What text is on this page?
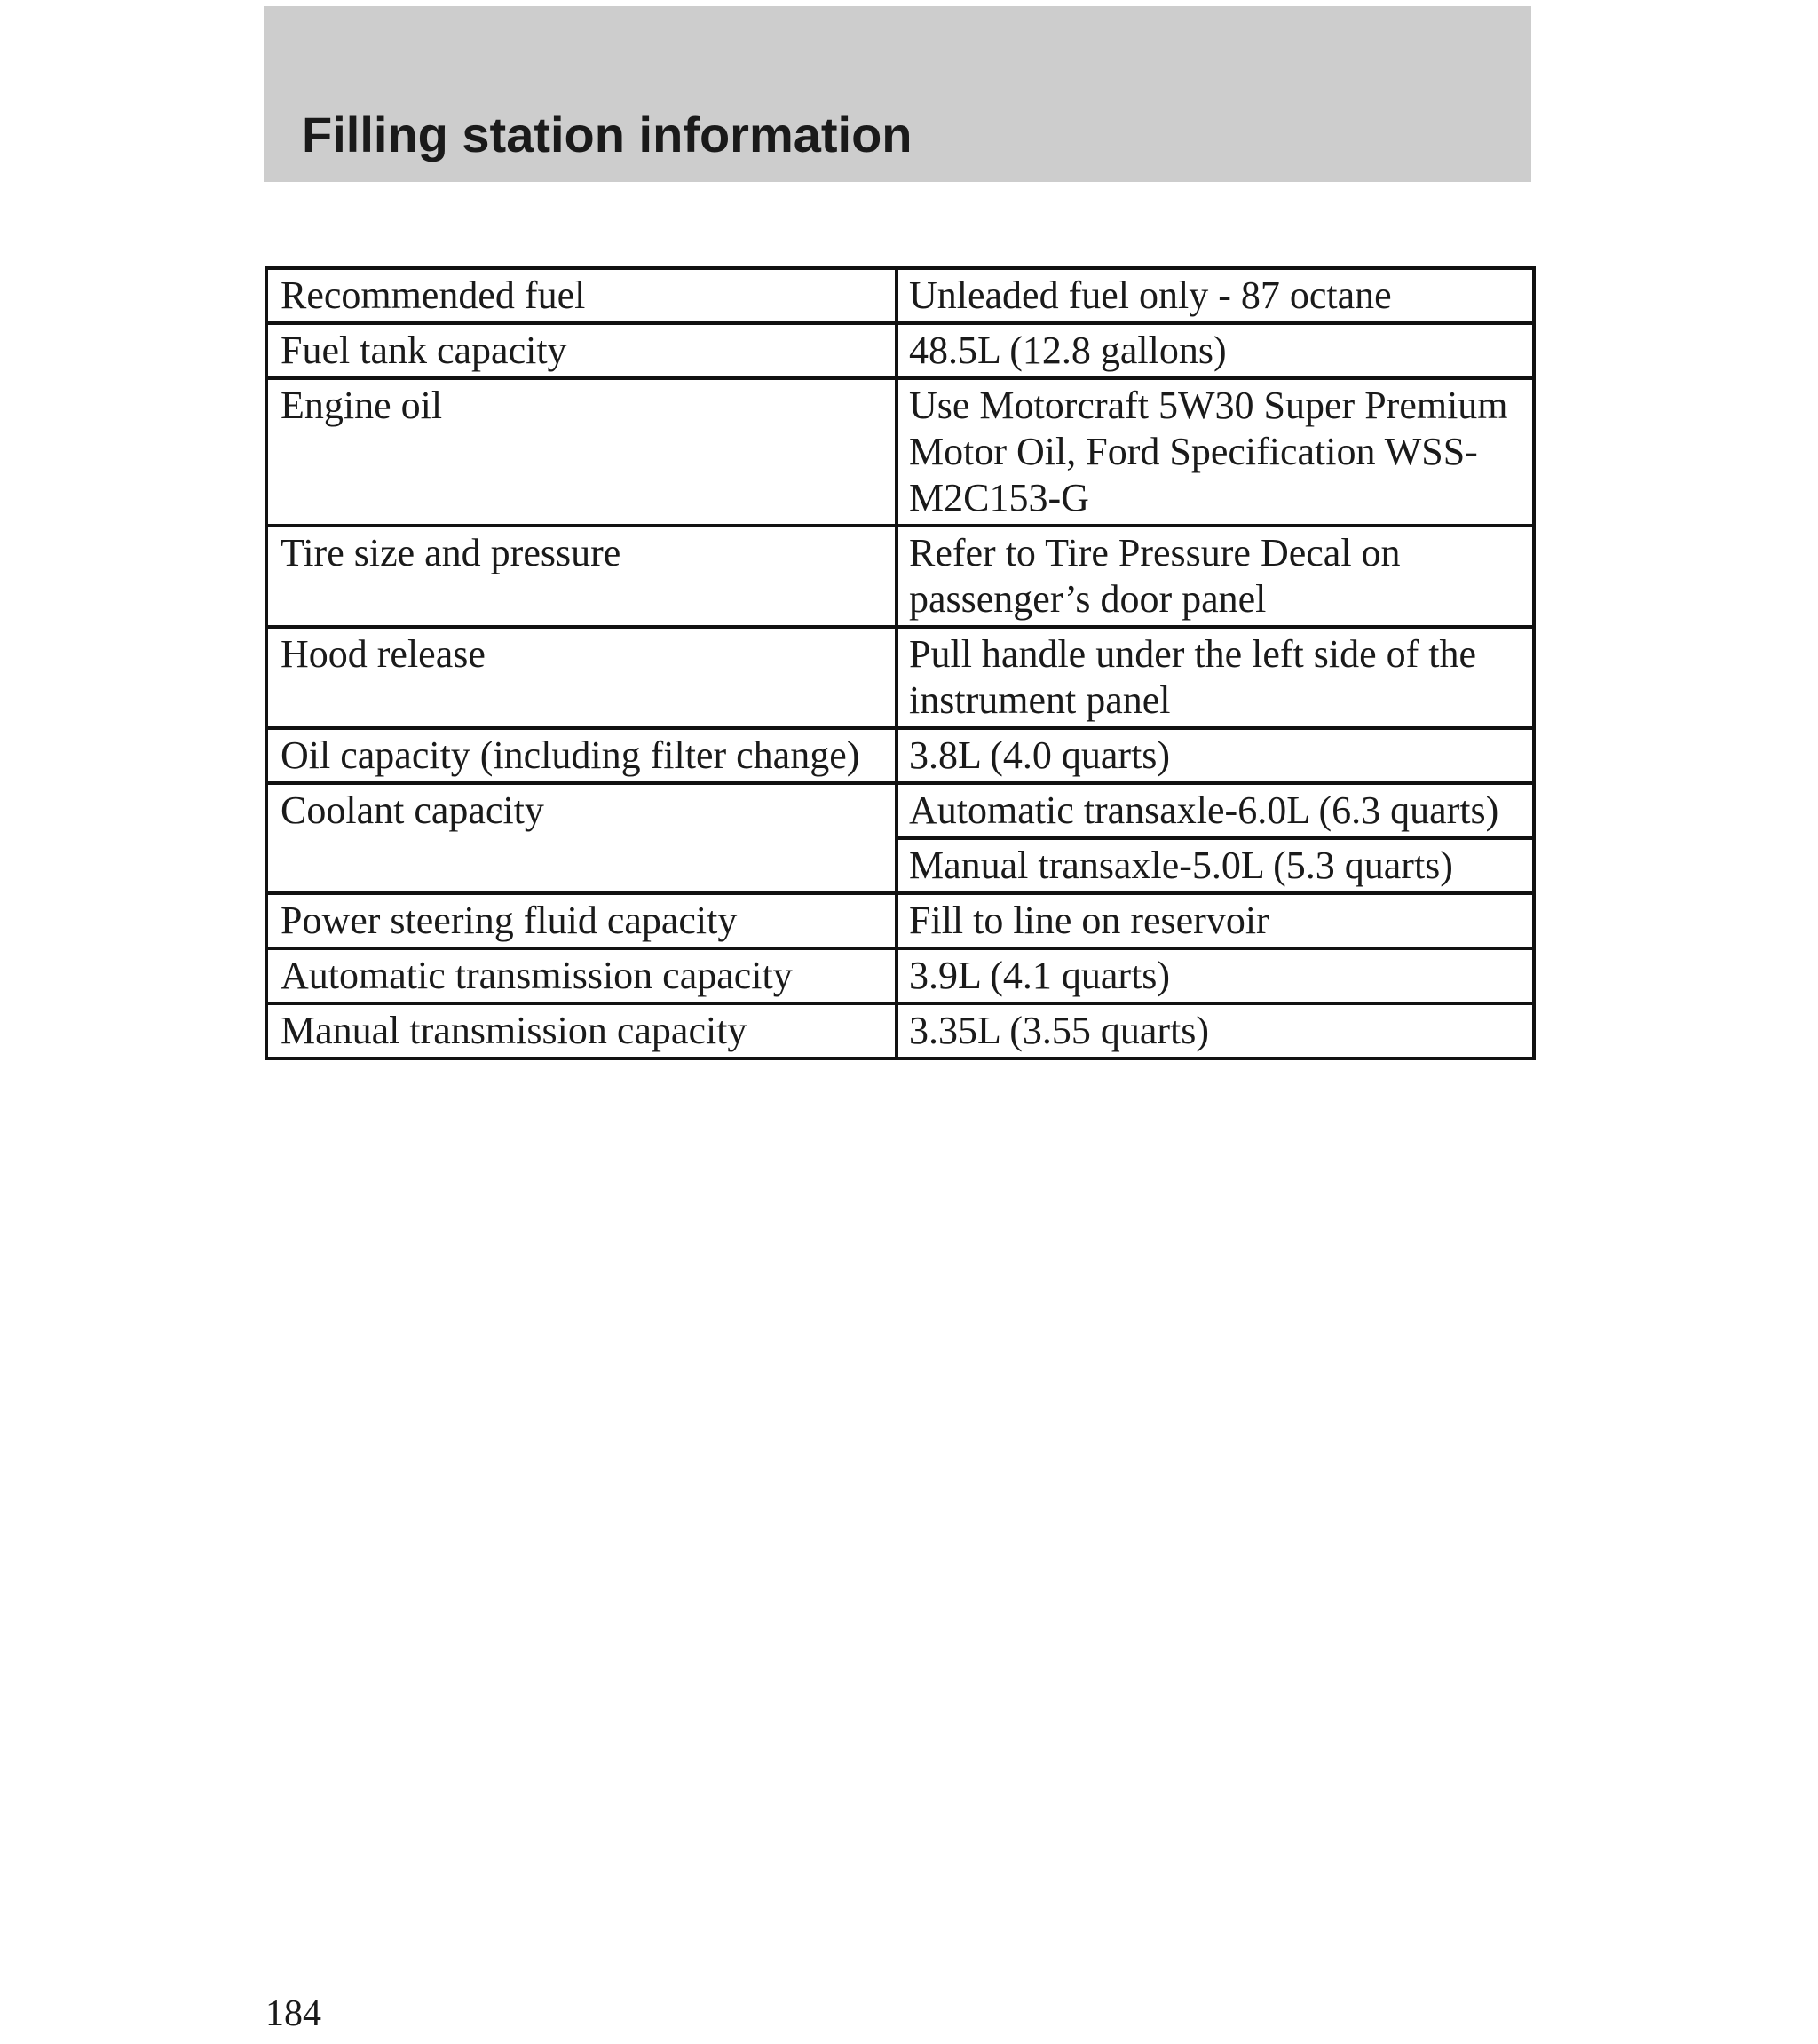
Filling station information
Recommended fuel	Unleaded fuel only - 87 octane
Fuel tank capacity	48.5L (12.8 gallons)
Engine oil	Use Motorcraft 5W30 Super Premium Motor Oil, Ford Specification WSS-M2C153-G
Tire size and pressure	Refer to Tire Pressure Decal on passenger’s door panel
Hood release	Pull handle under the left side of the instrument panel
Oil capacity (including filter change)	3.8L (4.0 quarts)
Coolant capacity	Automatic transaxle-6.0L (6.3 quarts)
	Manual transaxle-5.0L (5.3 quarts)
Power steering fluid capacity	Fill to line on reservoir
Automatic transmission capacity	3.9L (4.1 quarts)
Manual transmission capacity	3.35L (3.55 quarts)
184
